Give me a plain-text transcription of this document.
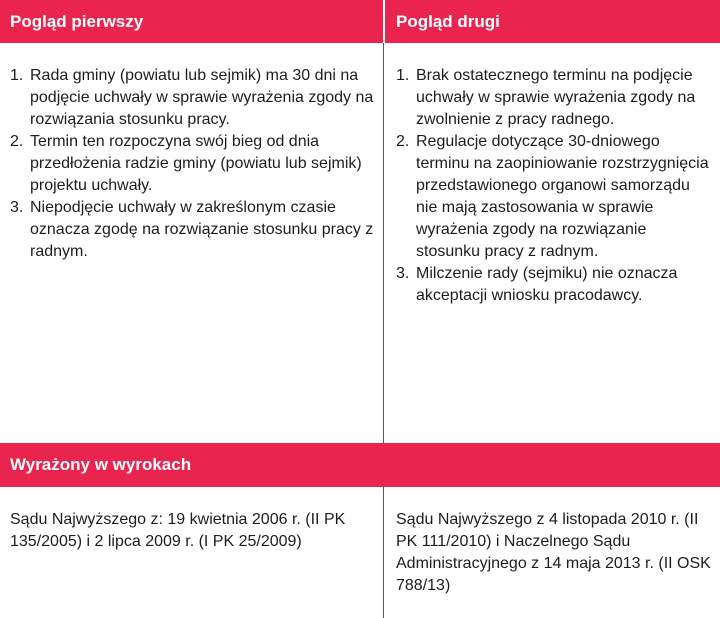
Pogląd pierwszy	Pogląd drugi
1. Rada gminy (powiatu lub sejmik) ma 30 dni na podjęcie uchwały w sprawie wyrażenia zgody na rozwiązania stosunku pracy.
2. Termin ten rozpoczyna swój bieg od dnia przedłożenia radzie gminy (powiatu lub sejmik) projektu uchwały.
3. Niepodjęcie uchwały w zakreślonym czasie oznacza zgodę na rozwiązanie stosunku pracy z radnym.
1. Brak ostatecznego terminu na podjęcie uchwały w sprawie wyrażenia zgody na zwolnienie z pracy radnego.
2. Regulacje dotyczące 30-dniowego terminu na zaopiniowanie rozstrzygnięcia przedstawionego organowi samorządu nie mają zastosowania w sprawie wyrażenia zgody na rozwiązanie stosunku pracy z radnym.
3. Milczenie rady (sejmiku) nie oznacza akceptacji wniosku pracodawcy.
Wyrażony w wyrokach

Sądu Najwyższego z: 19 kwietnia 2006 r. (II PK 135/2005) i 2 lipca 2009 r. (I PK 25/2009)

Sądu Najwyższego z 4 listopada 2010 r. (II PK 111/2010) i Naczelnego Sądu Administracyjnego z 14 maja 2013 r. (II OSK 788/13)
